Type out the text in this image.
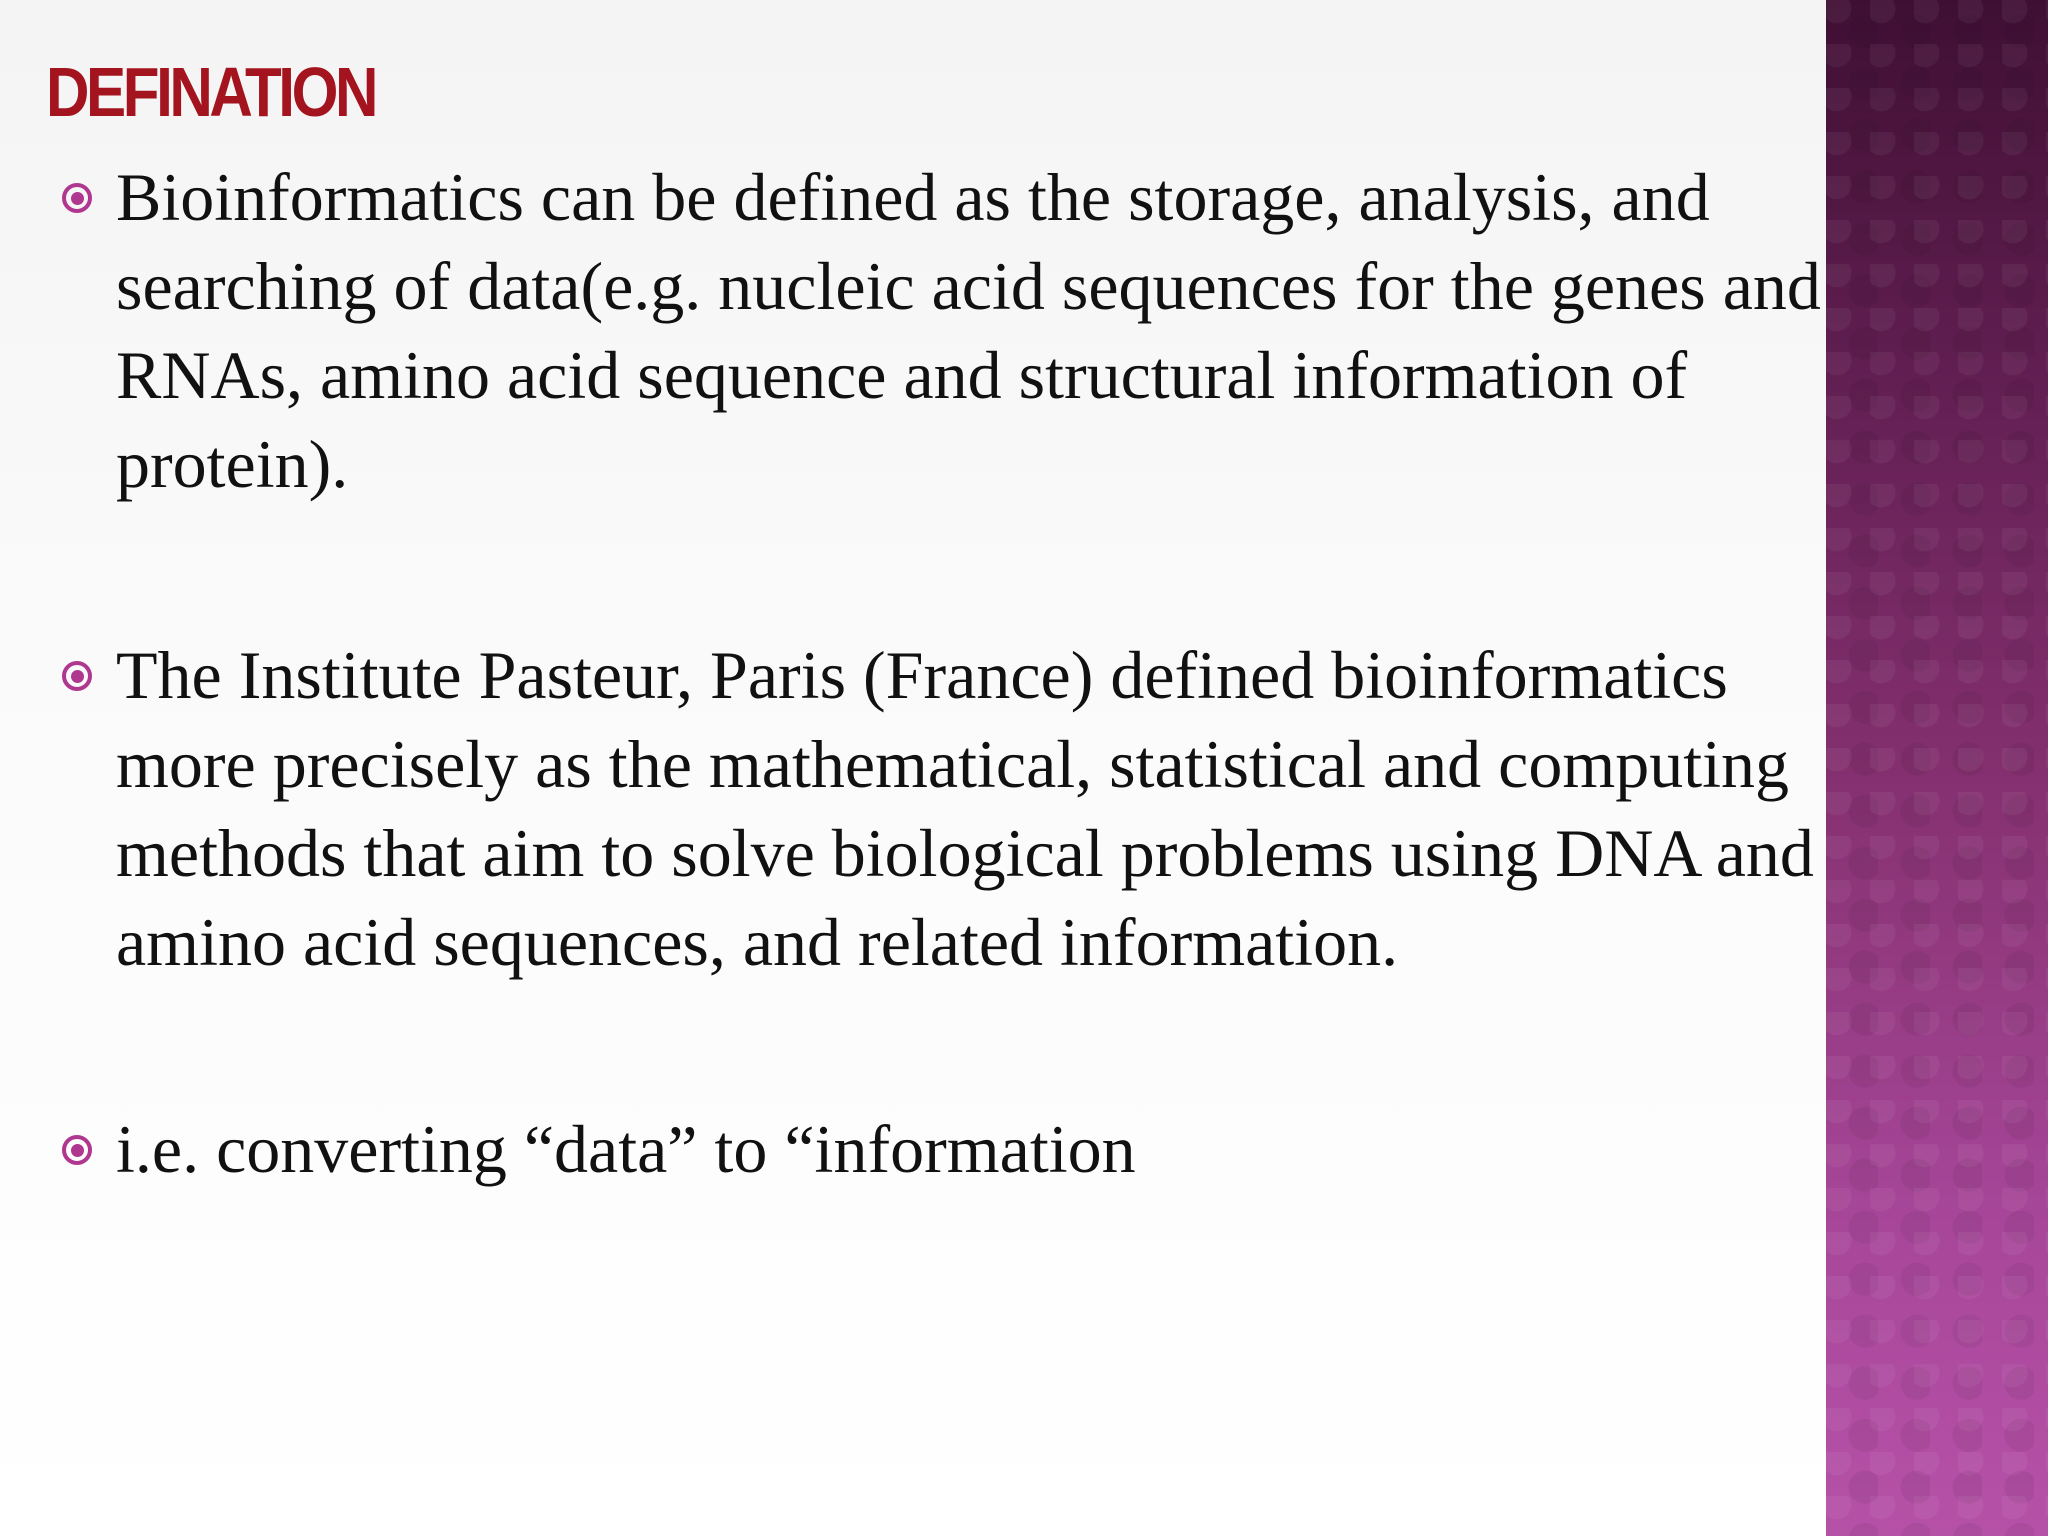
DEFINATION
Bioinformatics can be defined as the storage, analysis, and
searching of data(e.g. nucleic acid sequences for the genes and
RNAs, amino acid sequence and structural information of
protein).
The Institute Pasteur, Paris (France) defined bioinformatics
more precisely as the mathematical, statistical and computing
methods that aim to solve biological problems using DNA and
amino acid sequences, and related information.
i.e. converting “data” to “information
